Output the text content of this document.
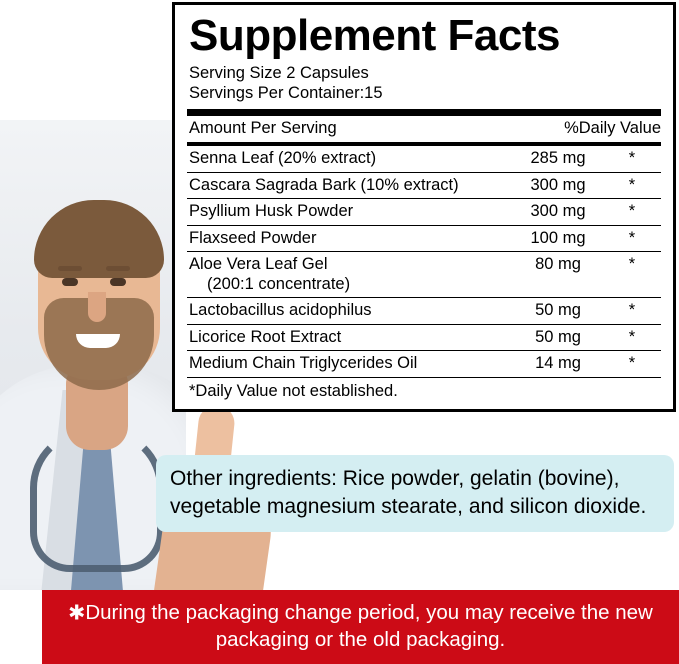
Supplement Facts
Serving Size 2 Capsules
Servings Per Container:15
Amount Per Serving	%Daily Value	
Senna Leaf (20% extract)	285 mg	*
Cascara Sagrada Bark (10% extract)	300 mg	*
Psyllium Husk Powder	300 mg	*
Flaxseed Powder	100 mg	*
Aloe Vera Leaf Gel
(200:1 concentrate)	80 mg	*
Lactobacillus acidophilus	50 mg	*
Licorice Root Extract	50 mg	*
Medium Chain Triglycerides Oil	14 mg	*
*Daily Value not established.
Other ingredients: Rice powder, gelatin (bovine), vegetable magnesium stearate, and silicon dioxide.
✱During the packaging change period, you may receive the new packaging or the old packaging.
